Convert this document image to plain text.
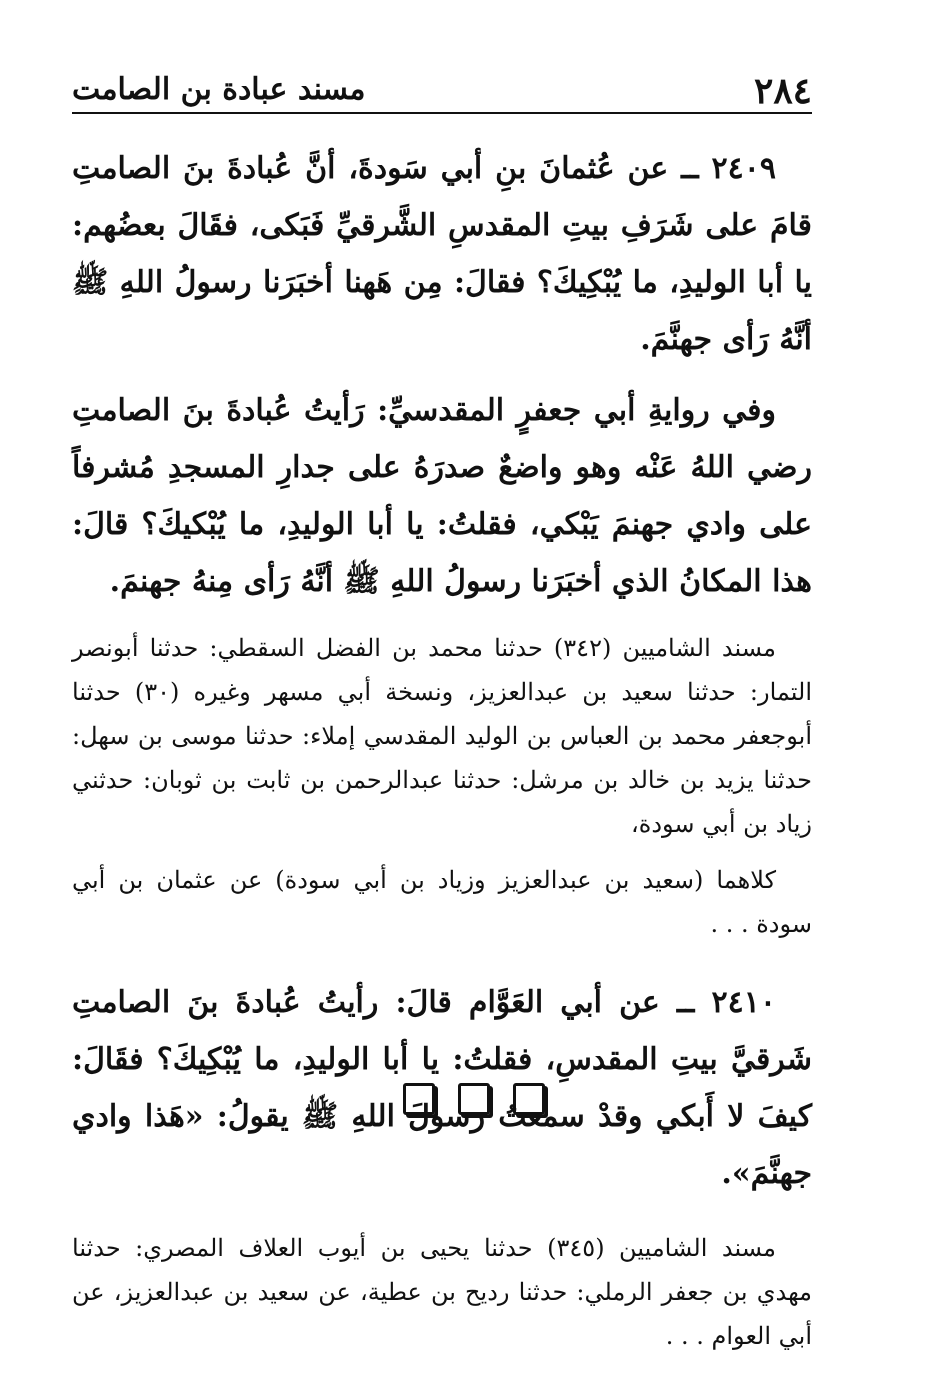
٢٨٤
مسند عبادة بن الصامت

٢٤٠٩ ــ عن عُثمانَ بنِ أبي سَودةَ، أنَّ عُبادةَ بنَ الصامتِ قامَ على شَرَفِ بيتِ المقدسِ الشَّرقيِّ فَبَكى، فقَالَ بعضُهم: يا أبا الوليدِ، ما يُبْكِيكَ؟ فقالَ: مِن هَهنا أخبَرَنا رسولُ اللهِ ﷺ أنَّهُ رَأى جهنَّمَ.

وفي روايةِ أبي جعفرٍ المقدسيِّ: رَأيتُ عُبادةَ بنَ الصامتِ رضي اللهُ عَنْه وهو واضعٌ صدرَهُ على جدارِ المسجدِ مُشرفاً على وادي جهنمَ يَبْكي، فقلتُ: يا أبا الوليدِ، ما يُبْكيكَ؟ قالَ: هذا المكانُ الذي أخبَرَنا رسولُ اللهِ ﷺ أنَّهُ رَأى مِنهُ جهنمَ.

مسند الشاميين (٣٤٢) حدثنا محمد بن الفضل السقطي: حدثنا أبونصر التمار: حدثنا سعيد بن عبدالعزيز، ونسخة أبي مسهر وغيره (٣٠) حدثنا أبوجعفر محمد بن العباس بن الوليد المقدسي إملاء: حدثنا موسى بن سهل: حدثنا يزيد بن خالد بن مرشل: حدثنا عبدالرحمن بن ثابت بن ثوبان: حدثني زياد بن أبي سودة،

كلاهما (سعيد بن عبدالعزيز وزياد بن أبي سودة) عن عثمان بن أبي سودة . . .

٢٤١٠ ــ عن أبي العَوَّام قالَ: رأيتُ عُبادةَ بنَ الصامتِ شَرقيَّ بيتِ المقدسِ، فقلتُ: يا أبا الوليدِ، ما يُبْكِيكَ؟ فقَالَ: كيفَ لا أَبكي وقدْ سمعتُ رسولَ اللهِ ﷺ يقولُ: «هَذا وادي جهنَّمَ».

مسند الشاميين (٣٤٥) حدثنا يحيى بن أيوب العلاف المصري: حدثنا مهدي بن جعفر الرملي: حدثنا رديح بن عطية، عن سعيد بن عبدالعزيز، عن أبي العوام . . .
